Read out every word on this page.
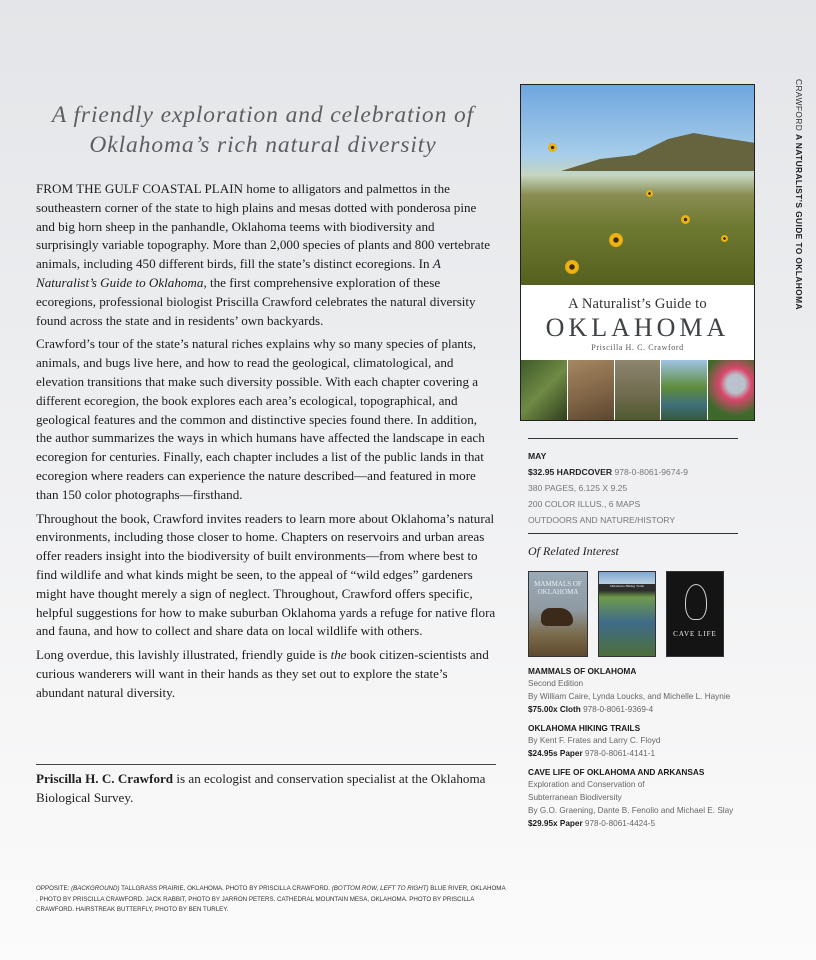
A friendly exploration and celebration of
Oklahoma’s rich natural diversity

FROM THE GULF COASTAL PLAIN home to alligators and palmettos in the southeastern corner of the state to high plains and mesas dotted with ponderosa pine and big horn sheep in the panhandle, Oklahoma teems with biodiversity and surprisingly variable topography. More than 2,000 species of plants and 800 vertebrate animals, including 450 different birds, fill the state’s distinct ecoregions. In A Naturalist’s Guide to Oklahoma, the first comprehensive exploration of these ecoregions, professional biologist Priscilla Crawford celebrates the natural diversity found across the state and in residents’ own backyards.

Crawford’s tour of the state’s natural riches explains why so many species of plants, animals, and bugs live here, and how to read the geological, climatological, and elevation transitions that make such diversity possible. With each chapter covering a different ecoregion, the book explores each area’s ecological, topographical, and geological features and the common and distinctive species found there. In addition, the author summarizes the ways in which humans have affected the landscape in each ecoregion for centuries. Finally, each chapter includes a list of the public lands in that ecoregion where readers can experience the nature described—and featured in more than 150 color photographs—firsthand.

Throughout the book, Crawford invites readers to learn more about Oklahoma’s natural environments, including those closer to home. Chapters on reservoirs and urban areas offer readers insight into the biodiversity of built environments—from where best to find wildlife and what kinds might be seen, to the appeal of “wild edges” gardeners might have thought merely a sign of neglect. Throughout, Crawford offers specific, helpful suggestions for how to make suburban Oklahoma yards a refuge for native flora and fauna, and how to collect and share data on local wildlife with others.

Long overdue, this lavishly illustrated, friendly guide is the book citizen-scientists and curious wanderers will want in their hands as they set out to explore the state’s abundant natural diversity.

Priscilla H. C. Crawford is an ecologist and conservation specialist at the Oklahoma Biological Survey.
OPPOSITE: (BACKGROUND) TALLGRASS PRAIRIE, OKLAHOMA. PHOTO BY PRISCILLA CRAWFORD. (BOTTOM ROW, LEFT TO RIGHT) BLUE RIVER, OKLAHOMA . PHOTO BY PRISCILLA CRAWFORD. JACK RABBIT, PHOTO BY JARRON PETERS. CATHEDRAL MOUNTAIN MESA, OKLAHOMA. PHOTO BY PRISCILLA CRAWFORD. HAIRSTREAK BUTTERFLY, PHOTO BY BEN TURLEY.
A Naturalist’s Guide to
OKLAHOMA
Priscilla H. C. Crawford
MAY
$32.95 HARDCOVER 978-0-8061-9674-9
380 PAGES, 6.125 X 9.25
200 COLOR ILLUS., 6 MAPS
OUTDOORS AND NATURE/HISTORY
Of Related Interest
MAMMALS OF OKLAHOMA
Oklahoma Hiking Trails
CAVE LIFE
MAMMALS OF OKLAHOMA
Second Edition
By William Caire, Lynda Loucks, and Michelle L. Haynie
$75.00x Cloth 978-0-8061-9369-4
OKLAHOMA HIKING TRAILS
By Kent F. Frates and Larry C. Floyd
$24.95s Paper 978-0-8061-4141-1
CAVE LIFE OF OKLAHOMA AND ARKANSAS
Exploration and Conservation of
Subterranean Biodiversity
By G.O. Graening, Dante B. Fenolio and Michael E. Slay
$29.95x Paper 978-0-8061-4424-5
CRAWFORD A NATURALIST’S GUIDE TO OKLAHOMA
